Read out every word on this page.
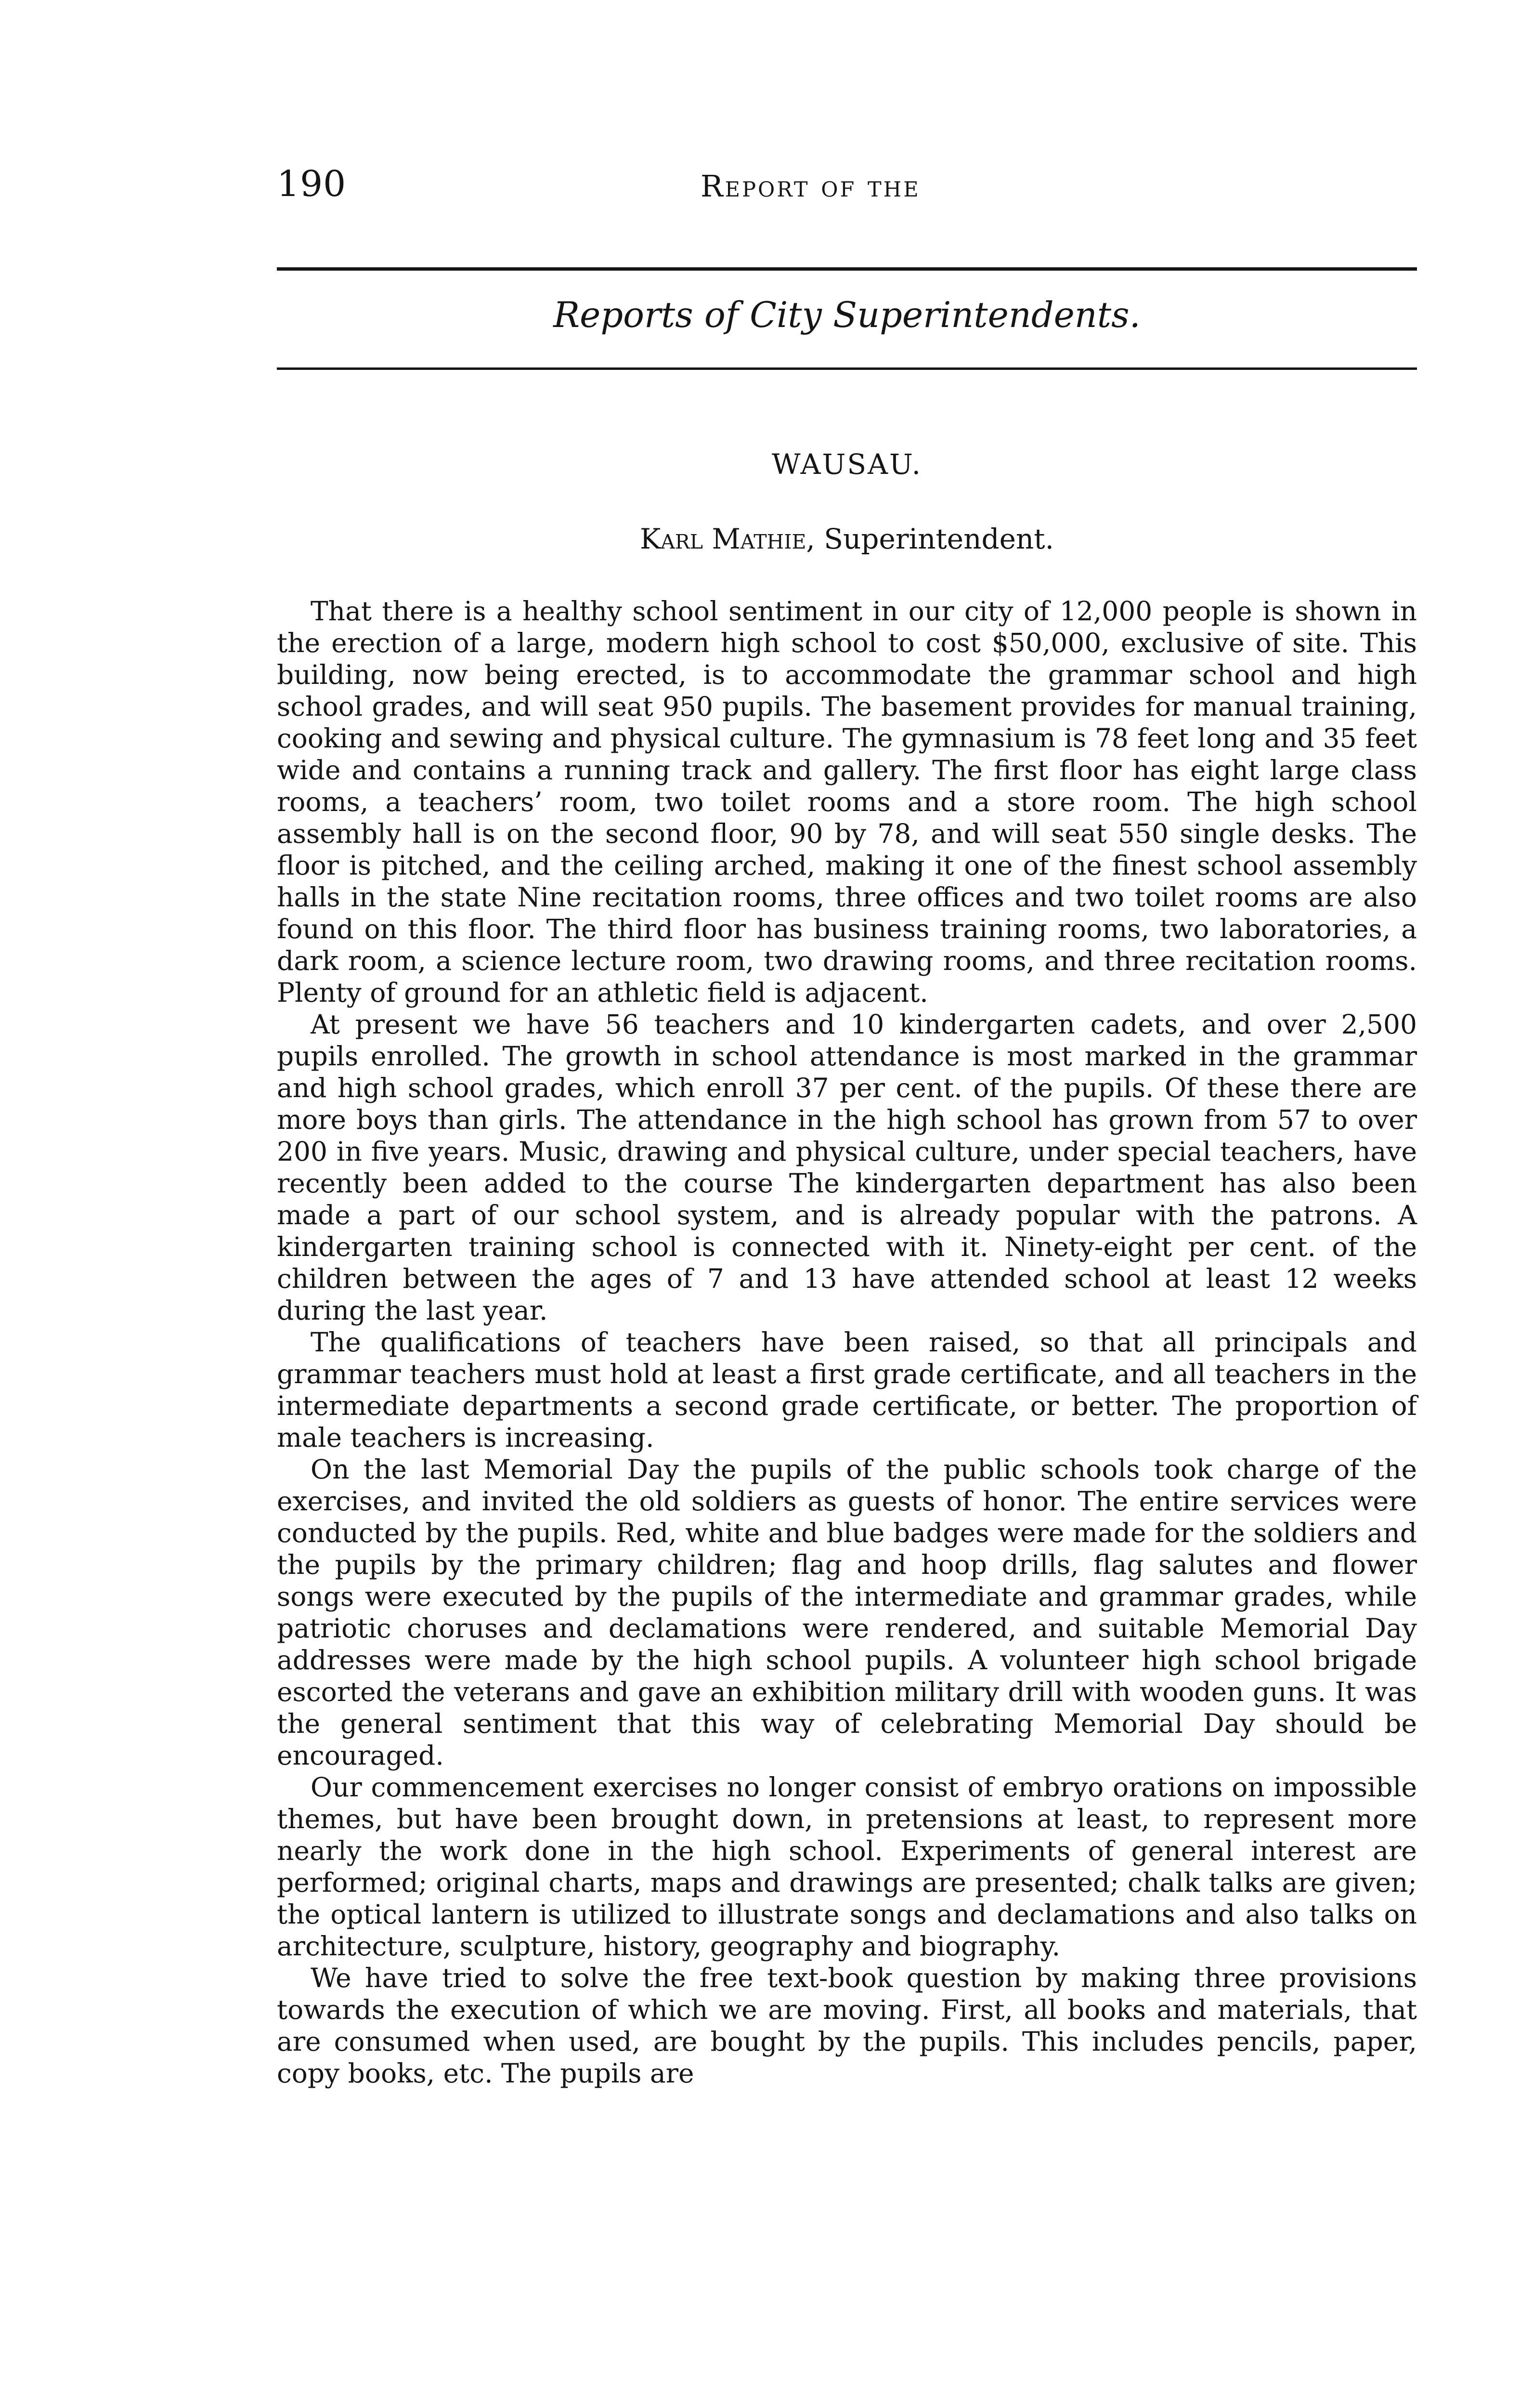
190	Report of the
Reports of City Superintendents.
WAUSAU.
Karl Mathie, Superintendent.

That there is a healthy school sentiment in our city of 12,000 people is shown in the erection of a large, modern high school to cost $50,000, exclusive of site. This building, now being erected, is to accommodate the grammar school and high school grades, and will seat 950 pupils. The basement provides for manual training, cooking and sewing and physical culture. The gymnasium is 78 feet long and 35 feet wide and contains a running track and gallery. The first floor has eight large class rooms, a teachers’ room, two toilet rooms and a store room. The high school assembly hall is on the second floor, 90 by 78, and will seat 550 single desks. The floor is pitched, and the ceiling arched, making it one of the finest school assembly halls in the state Nine recitation rooms, three offices and two toilet rooms are also found on this floor. The third floor has business training rooms, two laboratories, a dark room, a science lecture room, two drawing rooms, and three recitation rooms. Plenty of ground for an athletic field is adjacent.

At present we have 56 teachers and 10 kindergarten cadets, and over 2,500 pupils enrolled. The growth in school attendance is most marked in the grammar and high school grades, which enroll 37 per cent. of the pupils. Of these there are more boys than girls. The attendance in the high school has grown from 57 to over 200 in five years. Music, drawing and physical culture, under special teachers, have recently been added to the course The kindergarten department has also been made a part of our school system, and is already popular with the patrons. A kindergarten training school is connected with it. Ninety-eight per cent. of the children between the ages of 7 and 13 have attended school at least 12 weeks during the last year.

The qualifications of teachers have been raised, so that all principals and grammar teachers must hold at least a first grade certificate, and all teachers in the intermediate departments a second grade certificate, or better. The proportion of male teachers is increasing.

On the last Memorial Day the pupils of the public schools took charge of the exercises, and invited the old soldiers as guests of honor. The entire services were conducted by the pupils. Red, white and blue badges were made for the soldiers and the pupils by the primary children; flag and hoop drills, flag salutes and flower songs were executed by the pupils of the intermediate and grammar grades, while patriotic choruses and declamations were rendered, and suitable Memorial Day addresses were made by the high school pupils. A volunteer high school brigade escorted the veterans and gave an exhibition military drill with wooden guns. It was the general sentiment that this way of celebrating Memorial Day should be encouraged.

Our commencement exercises no longer consist of embryo orations on impossible themes, but have been brought down, in pretensions at least, to represent more nearly the work done in the high school. Experiments of general interest are performed; original charts, maps and drawings are presented; chalk talks are given; the optical lantern is utilized to illustrate songs and declamations and also talks on architecture, sculpture, history, geography and biography.

We have tried to solve the free text-book question by making three provisions towards the execution of which we are moving. First, all books and materials, that are consumed when used, are bought by the pupils. This includes pencils, paper, copy books, etc. The pupils are
